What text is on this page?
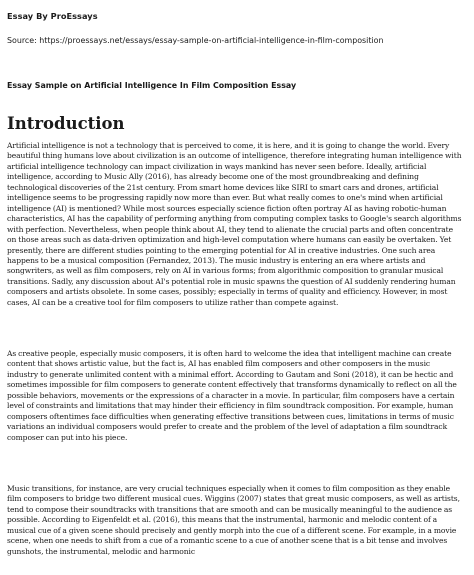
Essay By ProEssays
Source: https://proessays.net/essays/essay-sample-on-artificial-intelligence-in-film-composition
Essay Sample on Artificial Intelligence In Film Composition Essay
Introduction

Artificial intelligence is not a technology that is perceived to come, it is here, and it is going to change the world. Every beautiful thing humans love about civilization is an outcome of intelligence, therefore integrating human intelligence with artificial intelligence technology can impact civilization in ways mankind has never seen before. Ideally, artificial intelligence, according to Music Ally (2016), has already become one of the most groundbreaking and defining technological discoveries of the 21st century. From smart home devices like SIRI to smart cars and drones, artificial intelligence seems to be progressing rapidly now more than ever. But what really comes to one's mind when artificial intelligence (AI) is mentioned? While most sources especially science fiction often portray AI as having robotic-human characteristics, AI has the capability of performing anything from computing complex tasks to Google's search algorithms with perfection. Nevertheless, when people think about AI, they tend to alienate the crucial parts and often concentrate on those areas such as data-driven optimization and high-level computation where humans can easily be overtaken. Yet presently, there are different studies pointing to the emerging potential for AI in creative industries. One such area happens to be a musical composition (Fernandez, 2013). The music industry is entering an era where artists and songwriters, as well as film composers, rely on AI in various forms; from algorithmic composition to granular musical transitions. Sadly, any discussion about AI's potential role in music spawns the question of AI suddenly rendering human composers and artists obsolete. In some cases, possibly; especially in terms of quality and efficiency. However, in most cases, AI can be a creative tool for film composers to utilize rather than compete against.

As creative people, especially music composers, it is often hard to welcome the idea that intelligent machine can create content that shows artistic value, but the fact is, AI has enabled film composers and other composers in the music industry to generate unlimited content with a minimal effort. According to Gautam and Soni (2018), it can be hectic and sometimes impossible for film composers to generate content effectively that transforms dynamically to reflect on all the possible behaviors, movements or the expressions of a character in a movie. In particular, film composers have a certain level of constraints and limitations that may hinder their efficiency in film soundtrack composition. For example, human composers oftentimes face difficulties when generating effective transitions between cues, limitations in terms of music variations an individual composers would prefer to create and the problem of the level of adaptation a film soundtrack composer can put into his piece.

Music transitions, for instance, are very crucial techniques especially when it comes to film composition as they enable film composers to bridge two different musical cues. Wiggins (2007) states that great music composers, as well as artists, tend to compose their soundtracks with transitions that are smooth and can be musically meaningful to the audience as possible. According to Eigenfeldt et al. (2016), this means that the instrumental, harmonic and melodic content of a musical cue of a given scene should precisely and gently morph into the cue of a different scene. For example, in a movie scene, when one needs to shift from a cue of a romantic scene to a cue of another scene that is a bit tense and involves gunshots, the instrumental, melodic and harmonic
